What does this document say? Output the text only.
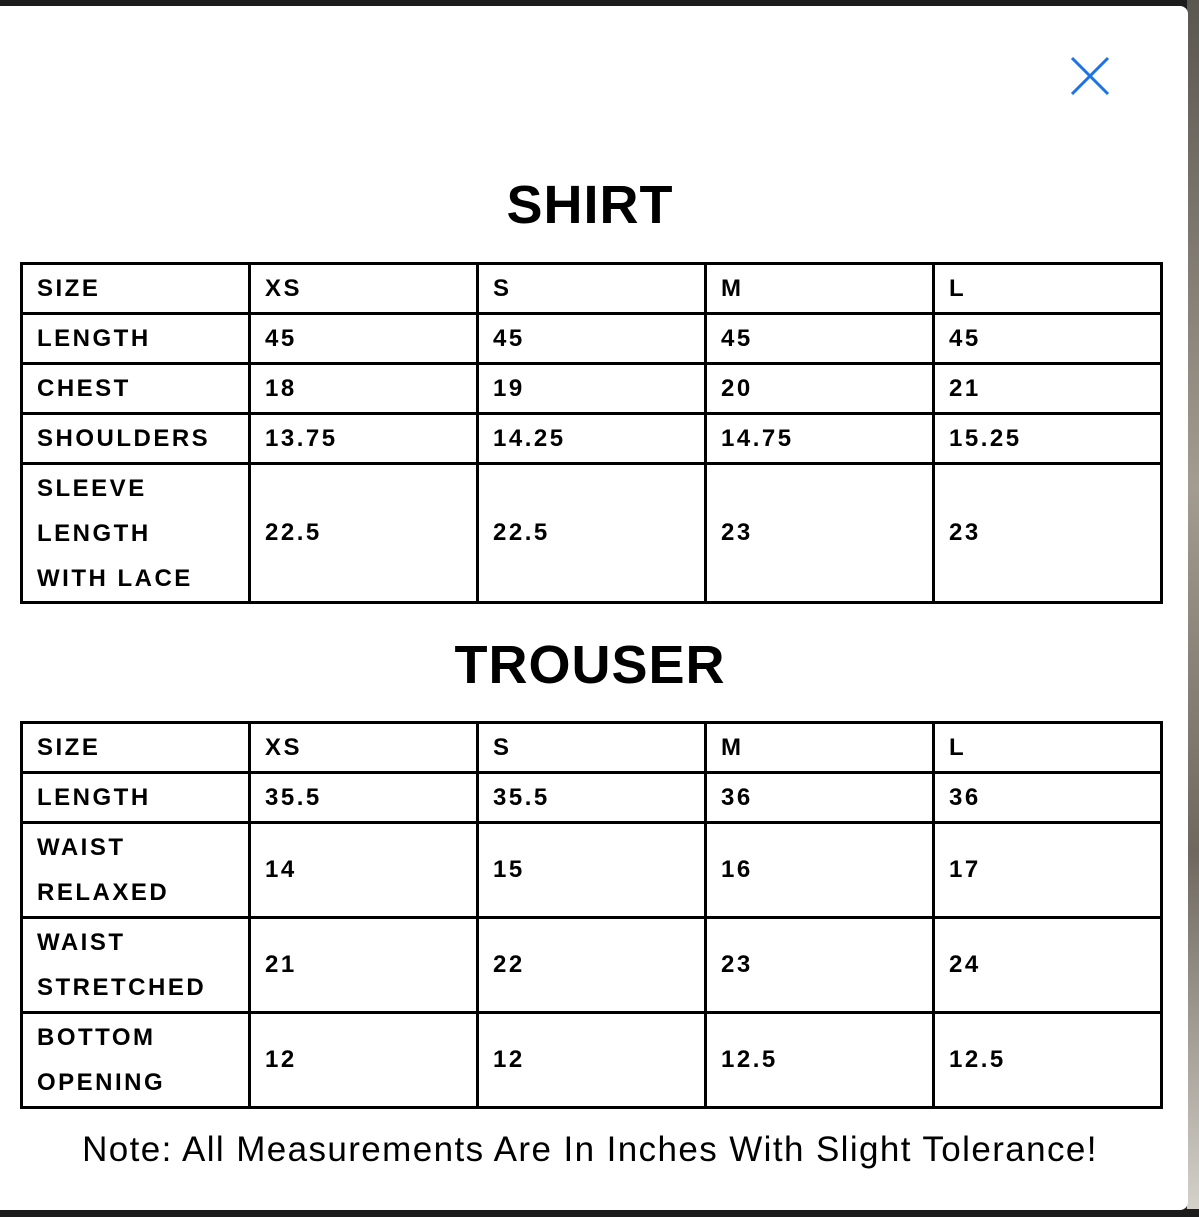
SHIRT
SIZE	XS	S	M	L
LENGTH	45	45	45	45
CHEST	18	19	20	21
SHOULDERS	13.75	14.25	14.75	15.25
SLEEVE
LENGTH
WITH LACE	22.5	22.5	23	23
TROUSER
SIZE	XS	S	M	L
LENGTH	35.5	35.5	36	36
WAIST
RELAXED	14	15	16	17
WAIST
STRETCHED	21	22	23	24
BOTTOM
OPENING	12	12	12.5	12.5
Note: All Measurements Are In Inches With Slight Tolerance!
